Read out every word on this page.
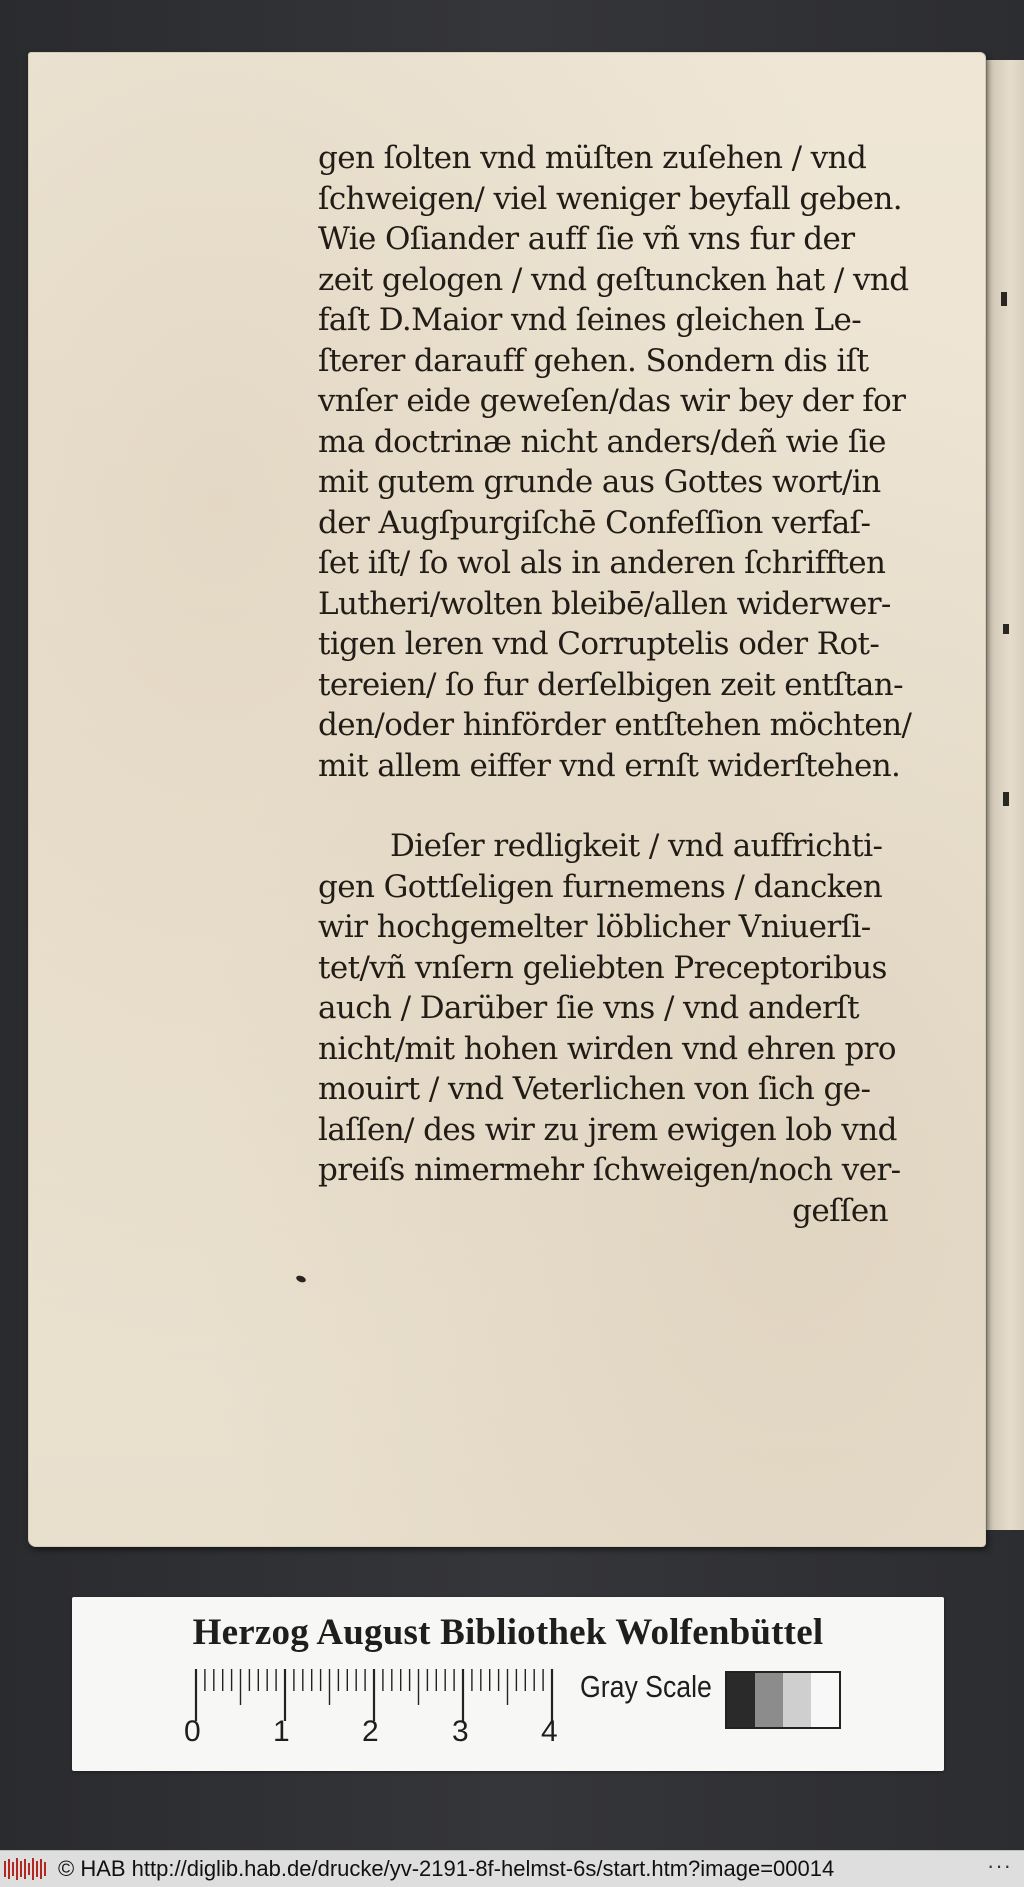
gen ſolten vnd müſten zuſehen / vnd
ſchweigen/ viel weniger beyfall geben.
Wie Oſiander auff ſie vñ vns fur der
zeit gelogen / vnd geſtuncken hat / vnd
faſt D.Maior vnd ſeines gleichen Le-
ſterer darauff gehen. Sondern dis iſt
vnſer eide geweſen/das wir bey der for
ma doctrinæ nicht anders/deñ wie ſie
mit gutem grunde aus Gottes wort/in
der Augſpurgiſchē Confeſſion verfaſ-
ſet iſt/ ſo wol als in anderen ſchrifften
Lutheri/wolten bleibē/allen widerwer-
tigen leren vnd Corruptelis oder Rot-
tereien/ ſo fur derſelbigen zeit entſtan-
den/oder hinförder entſtehen möchten/
mit allem eiffer vnd ernſt widerſtehen.
Dieſer redligkeit / vnd auffrichti-
gen Gottſeligen furnemens / dancken
wir hochgemelter löblicher Vniuerſi-
tet/vñ vnſern geliebten Preceptoribus
auch / Darüber ſie vns / vnd anderſt
nicht/mit hohen wirden vnd ehren pro
mouirt / vnd Veterlichen von ſich ge-
laſſen/ des wir zu jrem ewigen lob vnd
preiſs nimermehr ſchweigen/noch ver-
geſſen
Herzog August Bibliothek Wolfenbüttel
0 1 2 3 4
Gray Scale
© HAB http://diglib.hab.de/drucke/yv-2191-8f-helmst-6s/start.htm?image=00014	···
